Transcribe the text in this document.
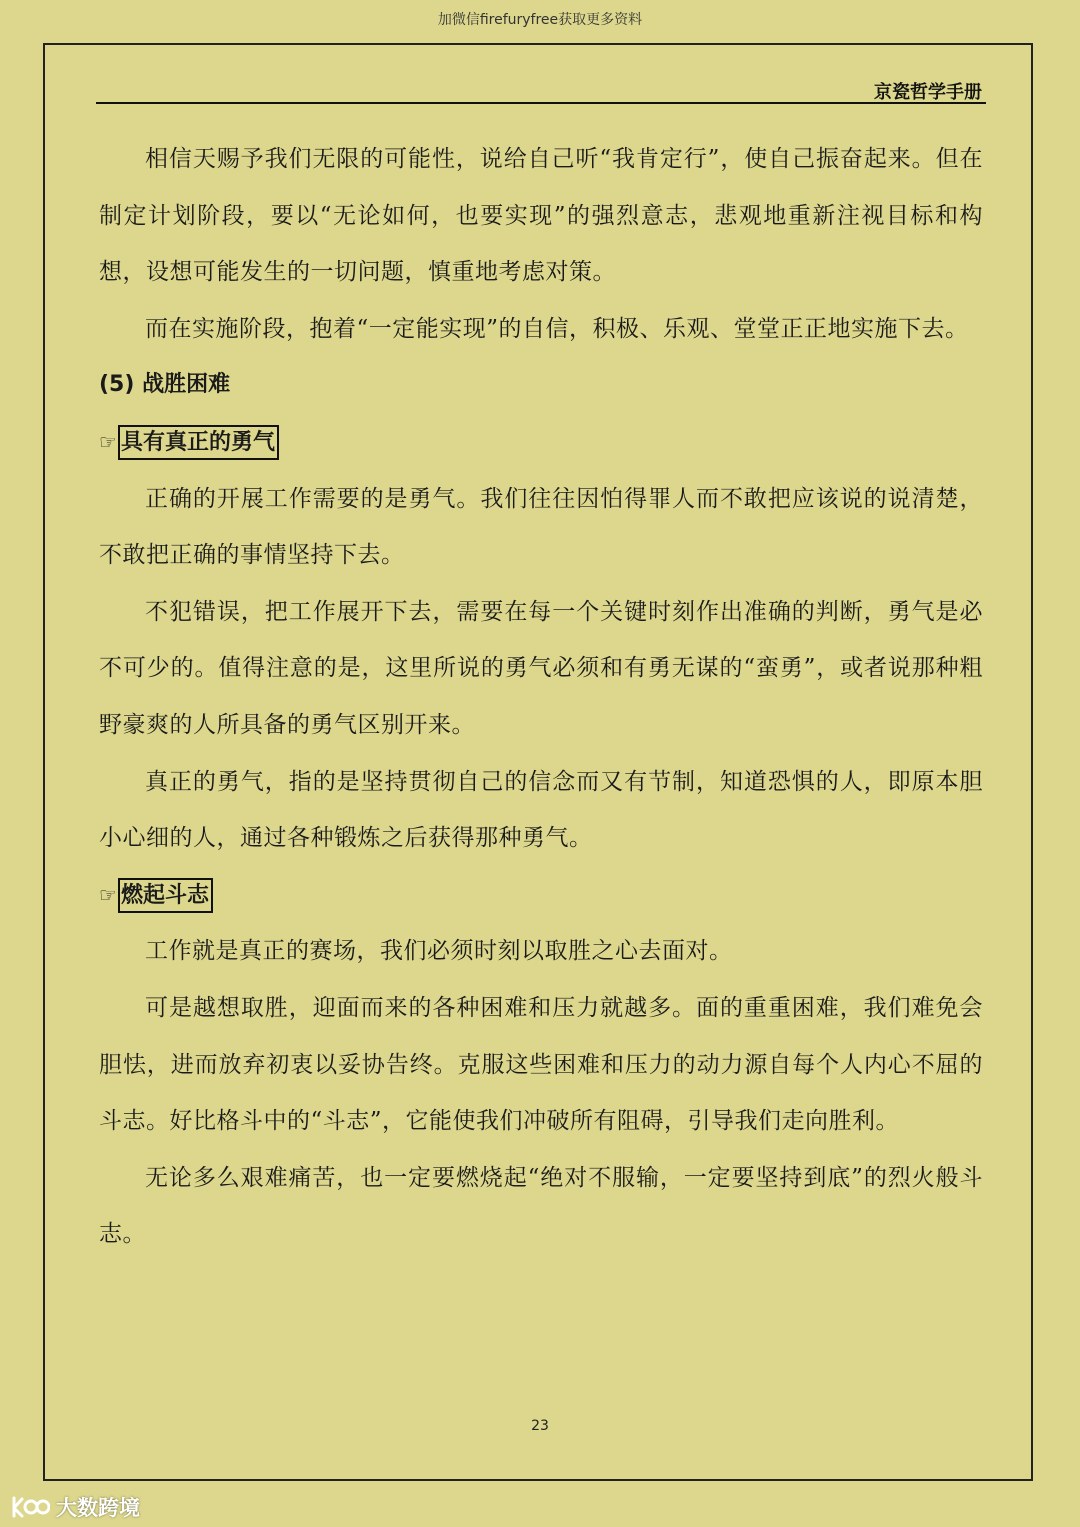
加微信firefuryfree获取更多资料
京瓷哲学手册

相信天赐予我们无限的可能性，说给自己听“我肯定行”，使自己振奋起来。但在制定计划阶段，要以“无论如何，也要实现”的强烈意志，悲观地重新注视目标和构想，设想可能发生的一切问题，慎重地考虑对策。

而在实施阶段，抱着“一定能实现”的自信，积极、乐观、堂堂正正地实施下去。

(5) 战胜困难

☞ 具有真正的勇气

正确的开展工作需要的是勇气。我们往往因怕得罪人而不敢把应该说的说清楚，不敢把正确的事情坚持下去。

不犯错误，把工作展开下去，需要在每一个关键时刻作出准确的判断，勇气是必不可少的。值得注意的是，这里所说的勇气必须和有勇无谋的“蛮勇”，或者说那种粗野豪爽的人所具备的勇气区别开来。

真正的勇气，指的是坚持贯彻自己的信念而又有节制，知道恐惧的人，即原本胆小心细的人，通过各种锻炼之后获得那种勇气。

☞ 燃起斗志

工作就是真正的赛场，我们必须时刻以取胜之心去面对。

可是越想取胜，迎面而来的各种困难和压力就越多。面的重重困难，我们难免会胆怯，进而放弃初衷以妥协告终。克服这些困难和压力的动力源自每个人内心不屈的斗志。好比格斗中的“斗志”，它能使我们冲破所有阻碍，引导我们走向胜利。

无论多么艰难痛苦，也一定要燃烧起“绝对不服输，一定要坚持到底”的烈火般斗志。

23
大数跨境
